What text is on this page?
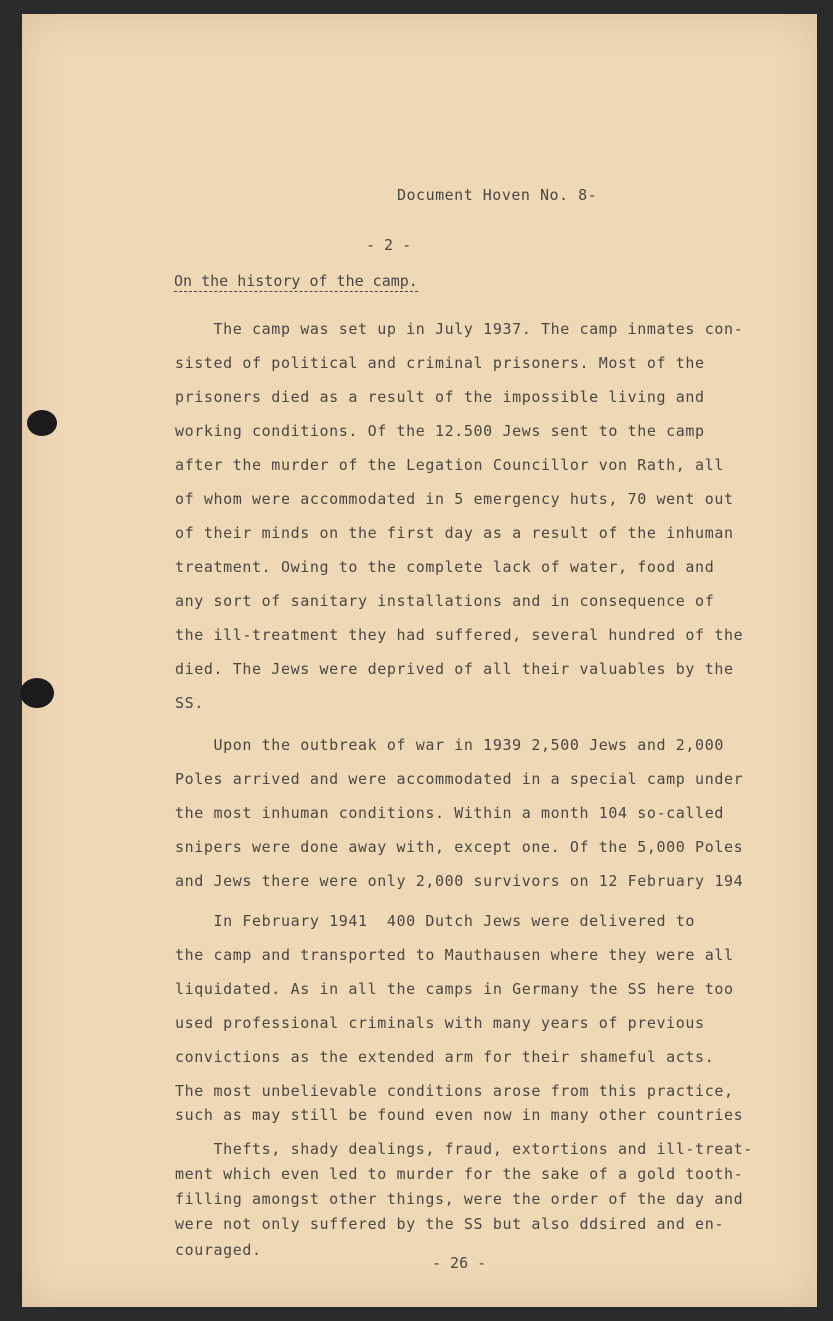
Document Hoven No. 8-
- 2 -
On the history of the camp.
The camp was set up in July 1937. The camp inmates con-
sisted of political and criminal prisoners. Most of the
prisoners died as a result of the impossible living and
working conditions. Of the 12.500 Jews sent to the camp
after the murder of the Legation Councillor von Rath, all
of whom were accommodated in 5 emergency huts, 70 went out
of their minds on the first day as a result of the inhuman
treatment. Owing to the complete lack of water, food and
any sort of sanitary installations and in consequence of
the ill-treatment they had suffered, several hundred of the
died. The Jews were deprived of all their valuables by the
SS.
Upon the outbreak of war in 1939 2,500 Jews and 2,000
Poles arrived and were accommodated in a special camp under
the most inhuman conditions. Within a month 104 so-called
snipers were done away with, except one. Of the 5,000 Poles
and Jews there were only 2,000 survivors on 12 February 194
In February 1941  400 Dutch Jews were delivered to
the camp and transported to Mauthausen where they were all
liquidated. As in all the camps in Germany the SS here too
used professional criminals with many years of previous
convictions as the extended arm for their shameful acts.
The most unbelievable conditions arose from this practice,
such as may still be found even now in many other countries
Thefts, shady dealings, fraud, extortions and ill-treat-
ment which even led to murder for the sake of a gold tooth-
filling amongst other things, were the order of the day and
were not only suffered by the SS but also ddsired and en-
couraged.
- 26 -
